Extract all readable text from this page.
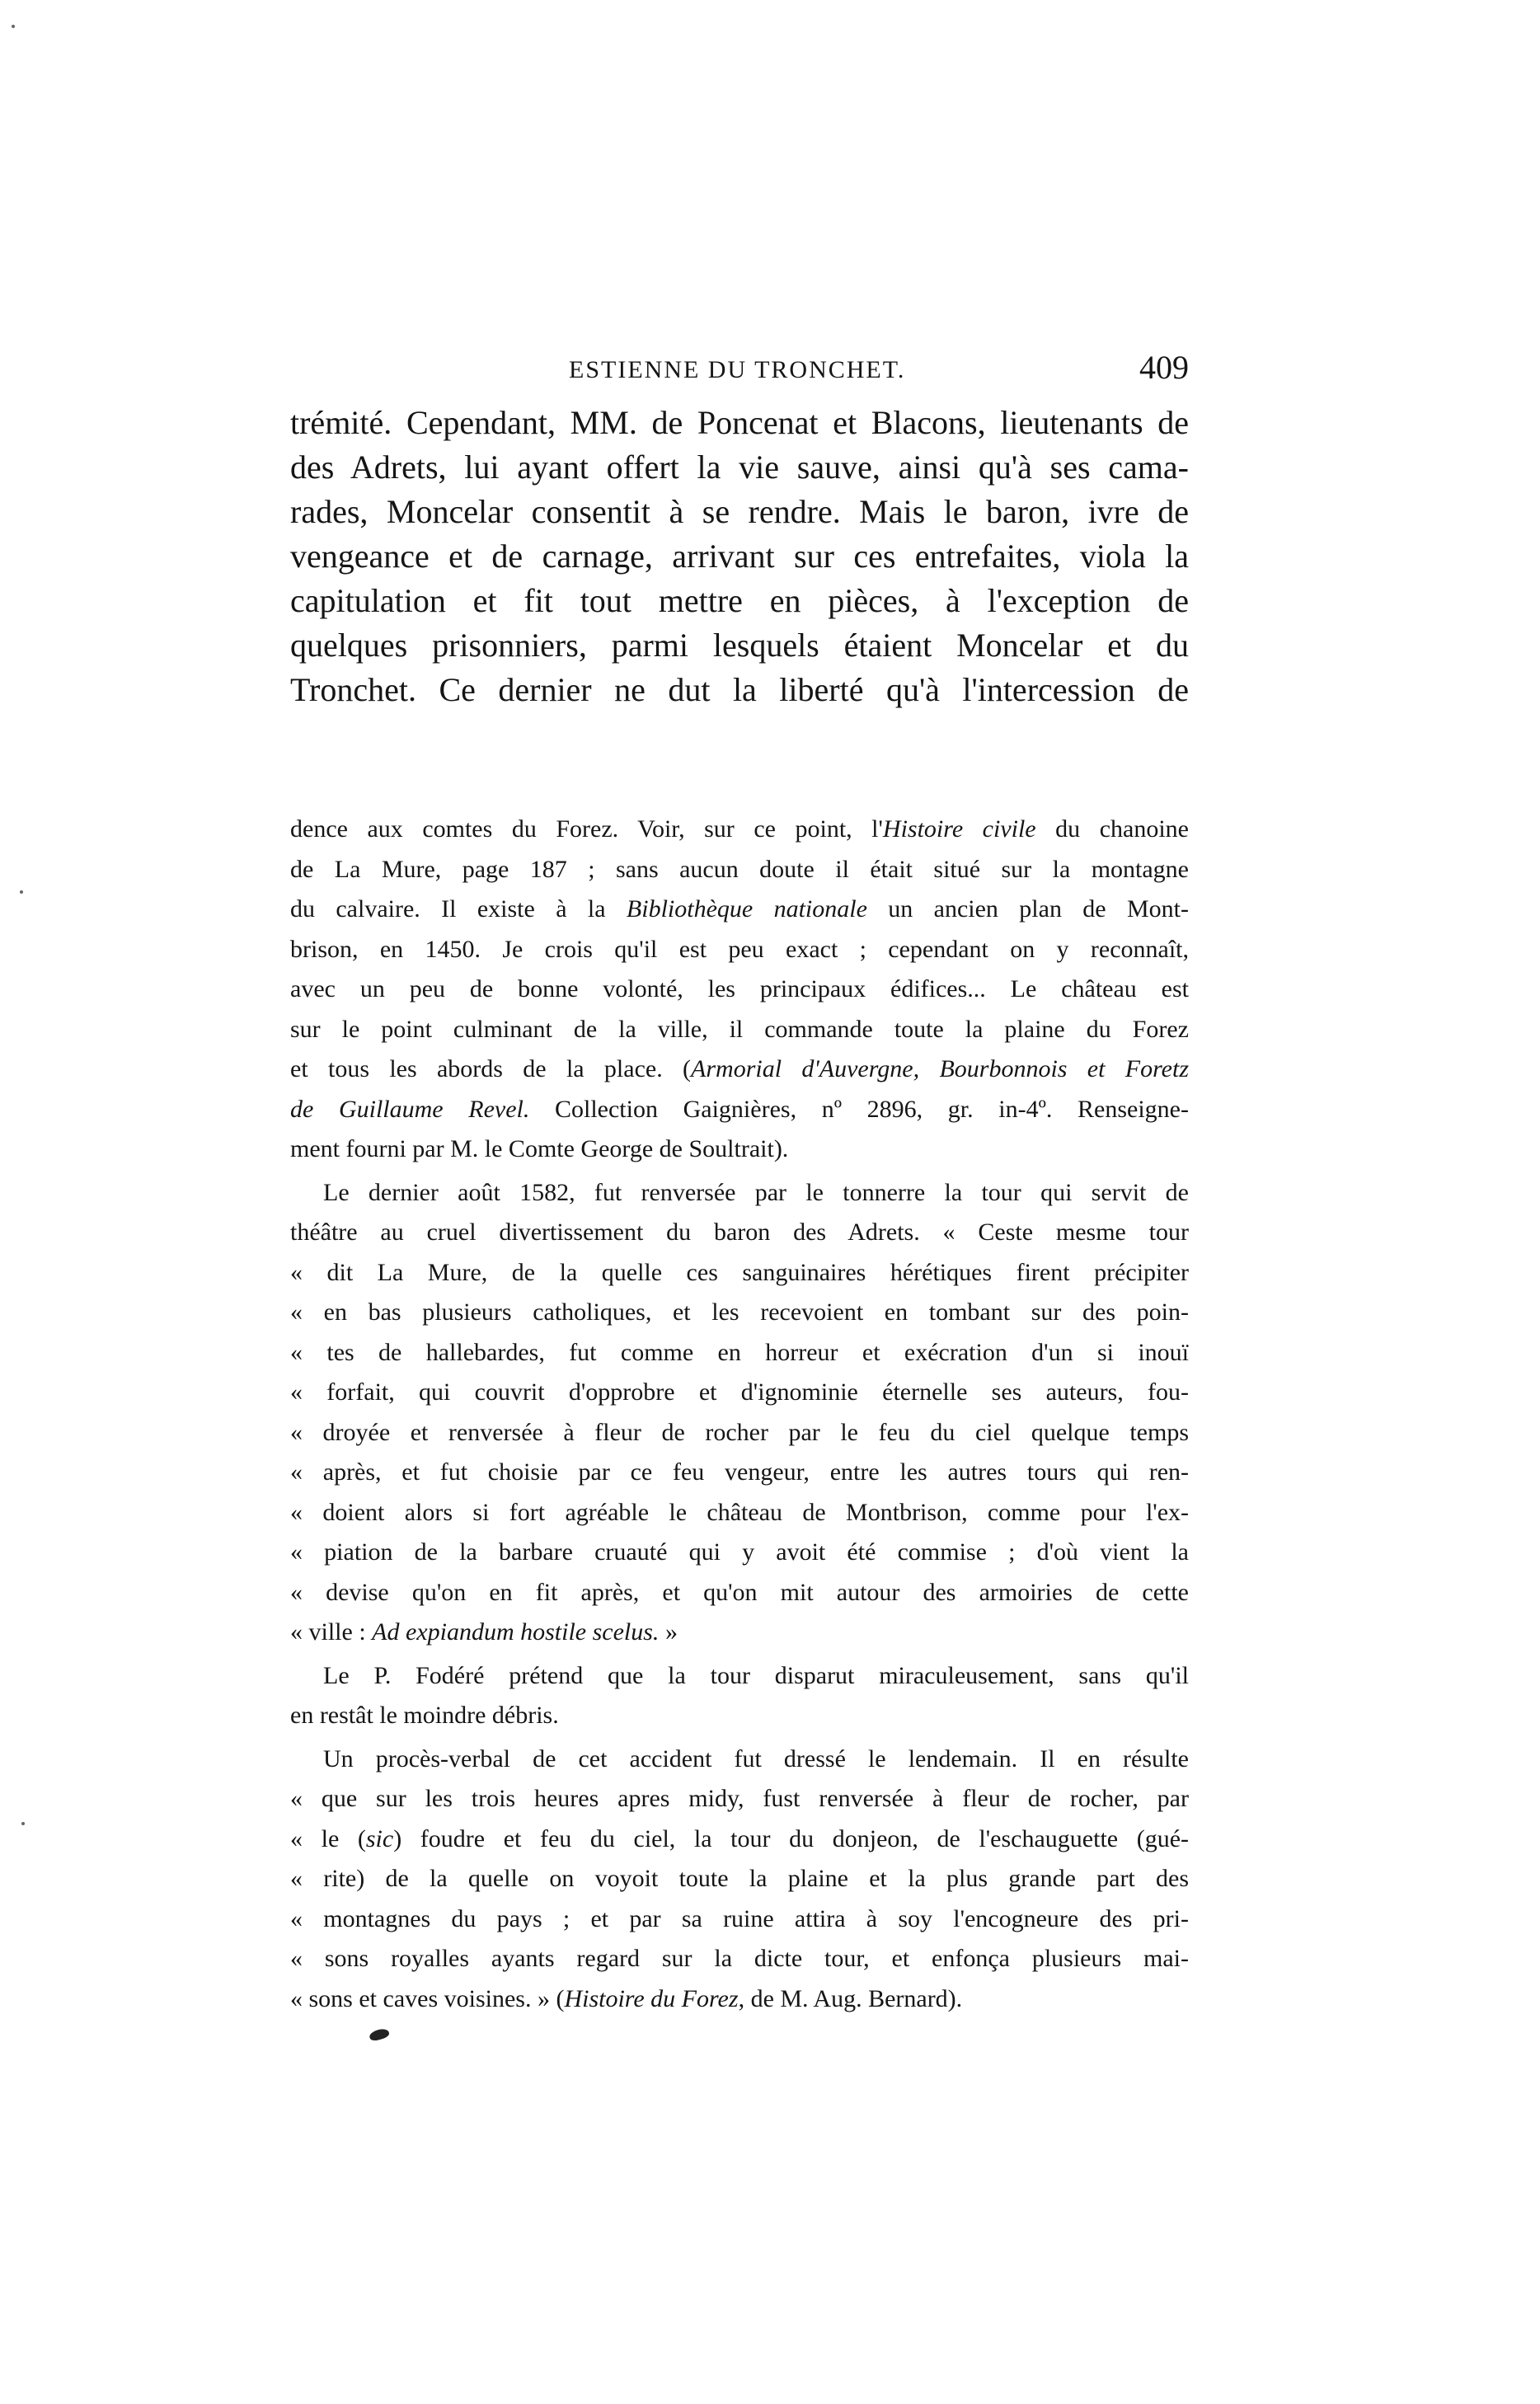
ESTIENNE DU TRONCHET.	409
trémité. Cependant, MM. de Poncenat et Blacons, lieutenants de
des Adrets, lui ayant offert la vie sauve, ainsi qu'à ses cama-
rades, Moncelar consentit à se rendre. Mais le baron, ivre de
vengeance et de carnage, arrivant sur ces entrefaites, viola la
capitulation et fit tout mettre en pièces, à l'exception de
quelques prisonniers, parmi lesquels étaient Moncelar et du
Tronchet. Ce dernier ne dut la liberté qu'à l'intercession de
dence aux comtes du Forez. Voir, sur ce point, l'Histoire civile du chanoine
de La Mure, page 187 ; sans aucun doute il était situé sur la montagne
du calvaire. Il existe à la Bibliothèque nationale un ancien plan de Mont-
brison, en 1450. Je crois qu'il est peu exact ; cependant on y reconnaît,
avec un peu de bonne volonté, les principaux édifices... Le château est
sur le point culminant de la ville, il commande toute la plaine du Forez
et tous les abords de la place. (Armorial d'Auvergne, Bourbonnois et Foretz
de Guillaume Revel. Collection Gaignières, nº 2896, gr. in-4º. Renseigne-
ment fourni par M. le Comte George de Soultrait).
Le dernier août 1582, fut renversée par le tonnerre la tour qui servit de
théâtre au cruel divertissement du baron des Adrets. « Ceste mesme tour
« dit La Mure, de la quelle ces sanguinaires hérétiques firent précipiter
« en bas plusieurs catholiques, et les recevoient en tombant sur des poin-
« tes de hallebardes, fut comme en horreur et exécration d'un si inouï
« forfait, qui couvrit d'opprobre et d'ignominie éternelle ses auteurs, fou-
« droyée et renversée à fleur de rocher par le feu du ciel quelque temps
« après, et fut choisie par ce feu vengeur, entre les autres tours qui ren-
« doient alors si fort agréable le château de Montbrison, comme pour l'ex-
« piation de la barbare cruauté qui y avoit été commise ; d'où vient la
« devise qu'on en fit après, et qu'on mit autour des armoiries de cette
« ville : Ad expiandum hostile scelus. »
Le P. Fodéré prétend que la tour disparut miraculeusement, sans qu'il
en restât le moindre débris.
Un procès-verbal de cet accident fut dressé le lendemain. Il en résulte
« que sur les trois heures apres midy, fust renversée à fleur de rocher, par
« le (sic) foudre et feu du ciel, la tour du donjeon, de l'eschauguette (gué-
« rite) de la quelle on voyoit toute la plaine et la plus grande part des
« montagnes du pays ; et par sa ruine attira à soy l'encogneure des pri-
« sons royalles ayants regard sur la dicte tour, et enfonça plusieurs mai-
« sons et caves voisines. » (Histoire du Forez, de M. Aug. Bernard).
